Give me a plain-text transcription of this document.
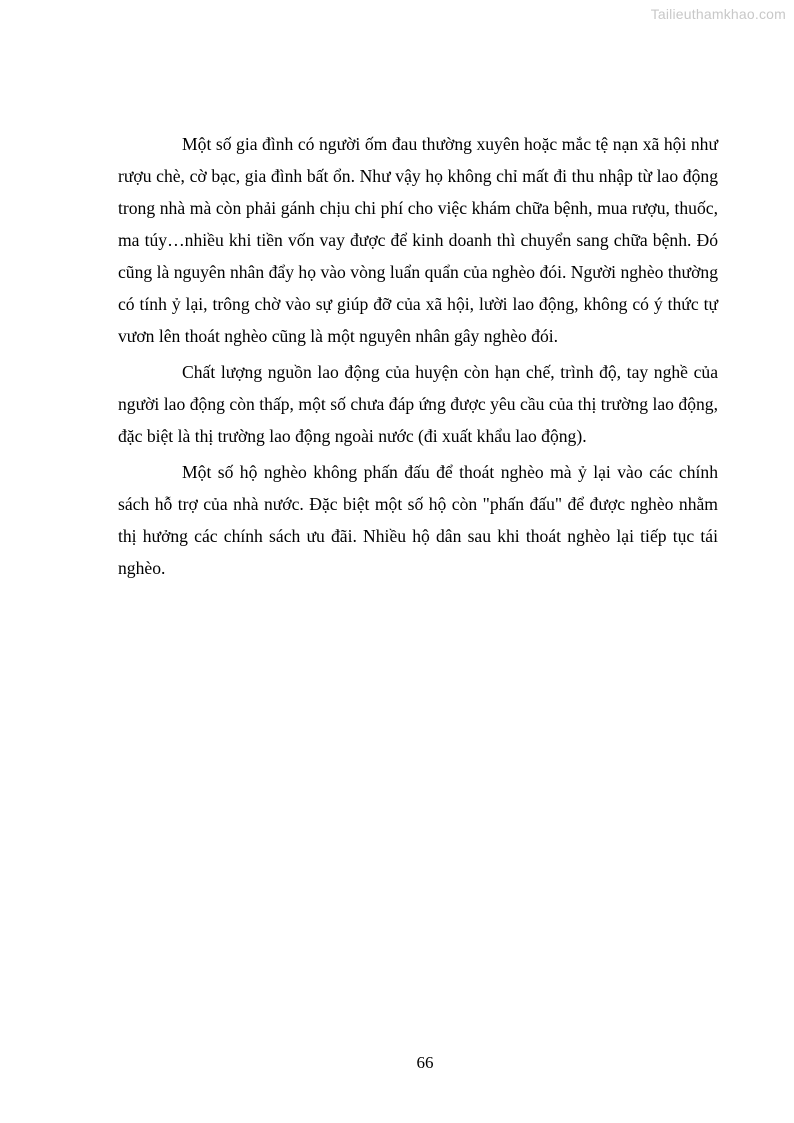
Tailieuthamkhao.com

Một số gia đình có người ốm đau thường xuyên hoặc mắc tệ nạn xã hội như rượu chè, cờ bạc, gia đình bất ổn. Như vậy họ không chỉ mất đi thu nhập từ lao động trong nhà mà còn phải gánh chịu chi phí cho việc khám chữa bệnh, mua rượu, thuốc, ma túy…nhiều khi tiền vốn vay được để kinh doanh thì chuyển sang chữa bệnh. Đó cũng là nguyên nhân đẩy họ vào vòng luẩn quẩn của nghèo đói. Người nghèo thường có tính ỷ lại, trông chờ vào sự giúp đỡ của xã hội, lười lao động, không có ý thức tự vươn lên thoát nghèo cũng là một nguyên nhân gây nghèo đói.

Chất lượng nguồn lao động của huyện còn hạn chế, trình độ, tay nghề của người lao động còn thấp, một số chưa đáp ứng được yêu cầu của thị trường lao động, đặc biệt là thị trường lao động ngoài nước (đi xuất khẩu lao động).

Một số hộ nghèo không phấn đấu để thoát nghèo mà ỷ lại vào các chính sách hỗ trợ của nhà nước. Đặc biệt một số hộ còn "phấn đấu" để được nghèo nhằm thị hưởng các chính sách ưu đãi. Nhiều hộ dân sau khi thoát nghèo lại tiếp tục tái nghèo.

66
